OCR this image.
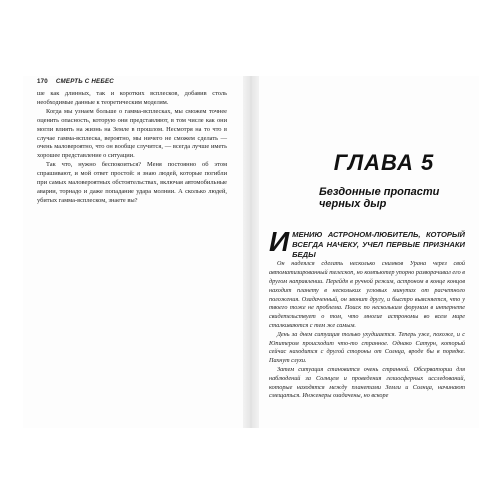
170 СМЕРТЬ С НЕБЕС

ше как длинных, так и коротких всплесков, добавив столь необходимые данные к теоретическим моделям.

Когда мы узнаем больше о гамма-всплесках, мы сможем точнее оценить опасность, которую они представляют, в том числе как они могли влиять на жизнь на Земле в прошлом. Несмотря на то что в случае гамма-всплеска, вероятно, мы ничего не сможем сделать — очень маловероятно, что он вообще случится, — всегда лучше иметь хорошее представление о ситуации.

Так что, нужно беспокоиться? Меня постоянно об этом спрашивают, и мой ответ простой: я знаю людей, которые погибли при самых маловероятных обстоятельствах, включая автомобильные аварии, торнадо и даже попадание удара молнии. А сколько людей, убитых гамма-всплеском, знаете вы?

ГЛАВА 5
Бездонные пропасти черных дыр

И МЕНИЮ АСТРОНОМ-ЛЮБИТЕЛЬ, КОТОРЫЙ ВСЕГДА НАЧЕКУ, УЧЕЛ ПЕРВЫЕ ПРИЗНАКИ БЕДЫ

Он надеялся сделать несколько снимков Урана через свой автоматизированный телескоп, но компьютер упорно разворачивал его в другом направлении. Перейдя в ручной режим, астроном в конце концов находит планету в нескольких угловых минутах от расчетного положения. Озадаченный, он звонит другу, и быстро выясняется, что у твоего тоже не проблема. Поиск по нескольким форумам в интернете свидетельствует о том, что многие астрономы во всем мире сталкиваются с тем же самым.

День за днем ситуация только ухудшается. Теперь уже, похоже, и с Юпитером происходит что-то странное. Однако Сатурн, который сейчас находится с другой стороны от Солнца, вроде бы в порядке. Пахнут слухи.

Затем ситуация становится очень странной. Обсерватории для наблюдений за Солнцем и проведения гелиосферных исследований, которые находятся между планетами Земли и Солнца, начинают смещаться. Инженеры озадачены, но вскоре
